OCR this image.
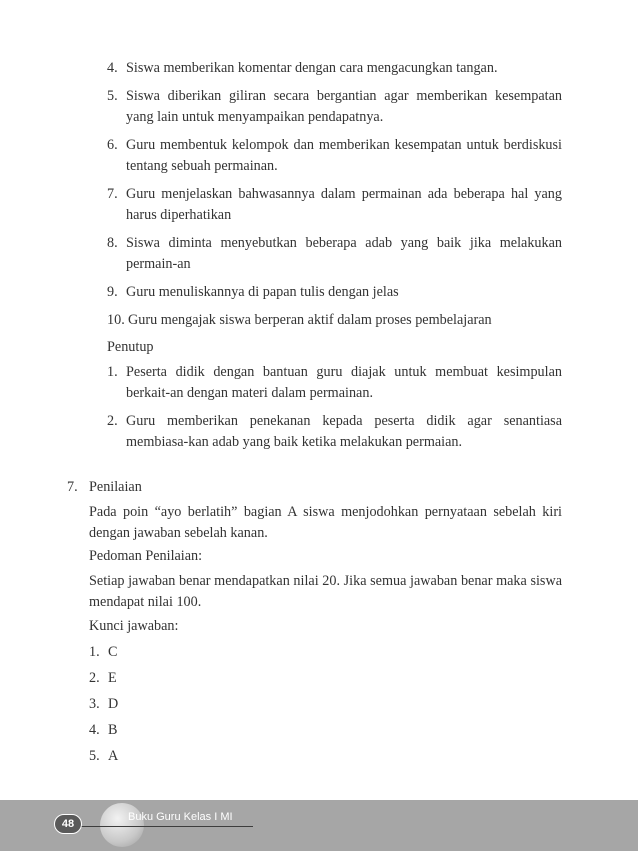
4. Siswa memberikan komentar dengan cara mengacungkan tangan.
5. Siswa diberikan giliran secara bergantian agar memberikan kesempatan yang lain untuk menyampaikan pendapatnya.
6. Guru membentuk kelompok dan memberikan kesempatan untuk berdiskusi tentang sebuah permainan.
7. Guru menjelaskan bahwasannya dalam permainan ada beberapa hal yang harus diperhatikan
8. Siswa diminta menyebutkan beberapa adab yang baik jika melakukan permain-an
9. Guru menuliskannya di papan tulis dengan jelas
10. Guru mengajak siswa berperan aktif dalam proses pembelajaran
Penutup
1. Peserta didik dengan bantuan guru diajak untuk membuat kesimpulan berkait-an dengan materi dalam permainan.
2. Guru memberikan penekanan kepada peserta didik agar senantiasa membiasa-kan adab yang baik ketika melakukan permaian.
7. Penilaian
Pada poin “ayo berlatih” bagian A siswa menjodohkan pernyataan sebelah kiri dengan jawaban sebelah kanan.
Pedoman Penilaian:
Setiap jawaban benar mendapatkan nilai 20. Jika semua jawaban benar maka siswa mendapat nilai 100.
Kunci jawaban:
1. C
2. E
3. D
4. B
5. A
48
Buku Guru Kelas I MI
